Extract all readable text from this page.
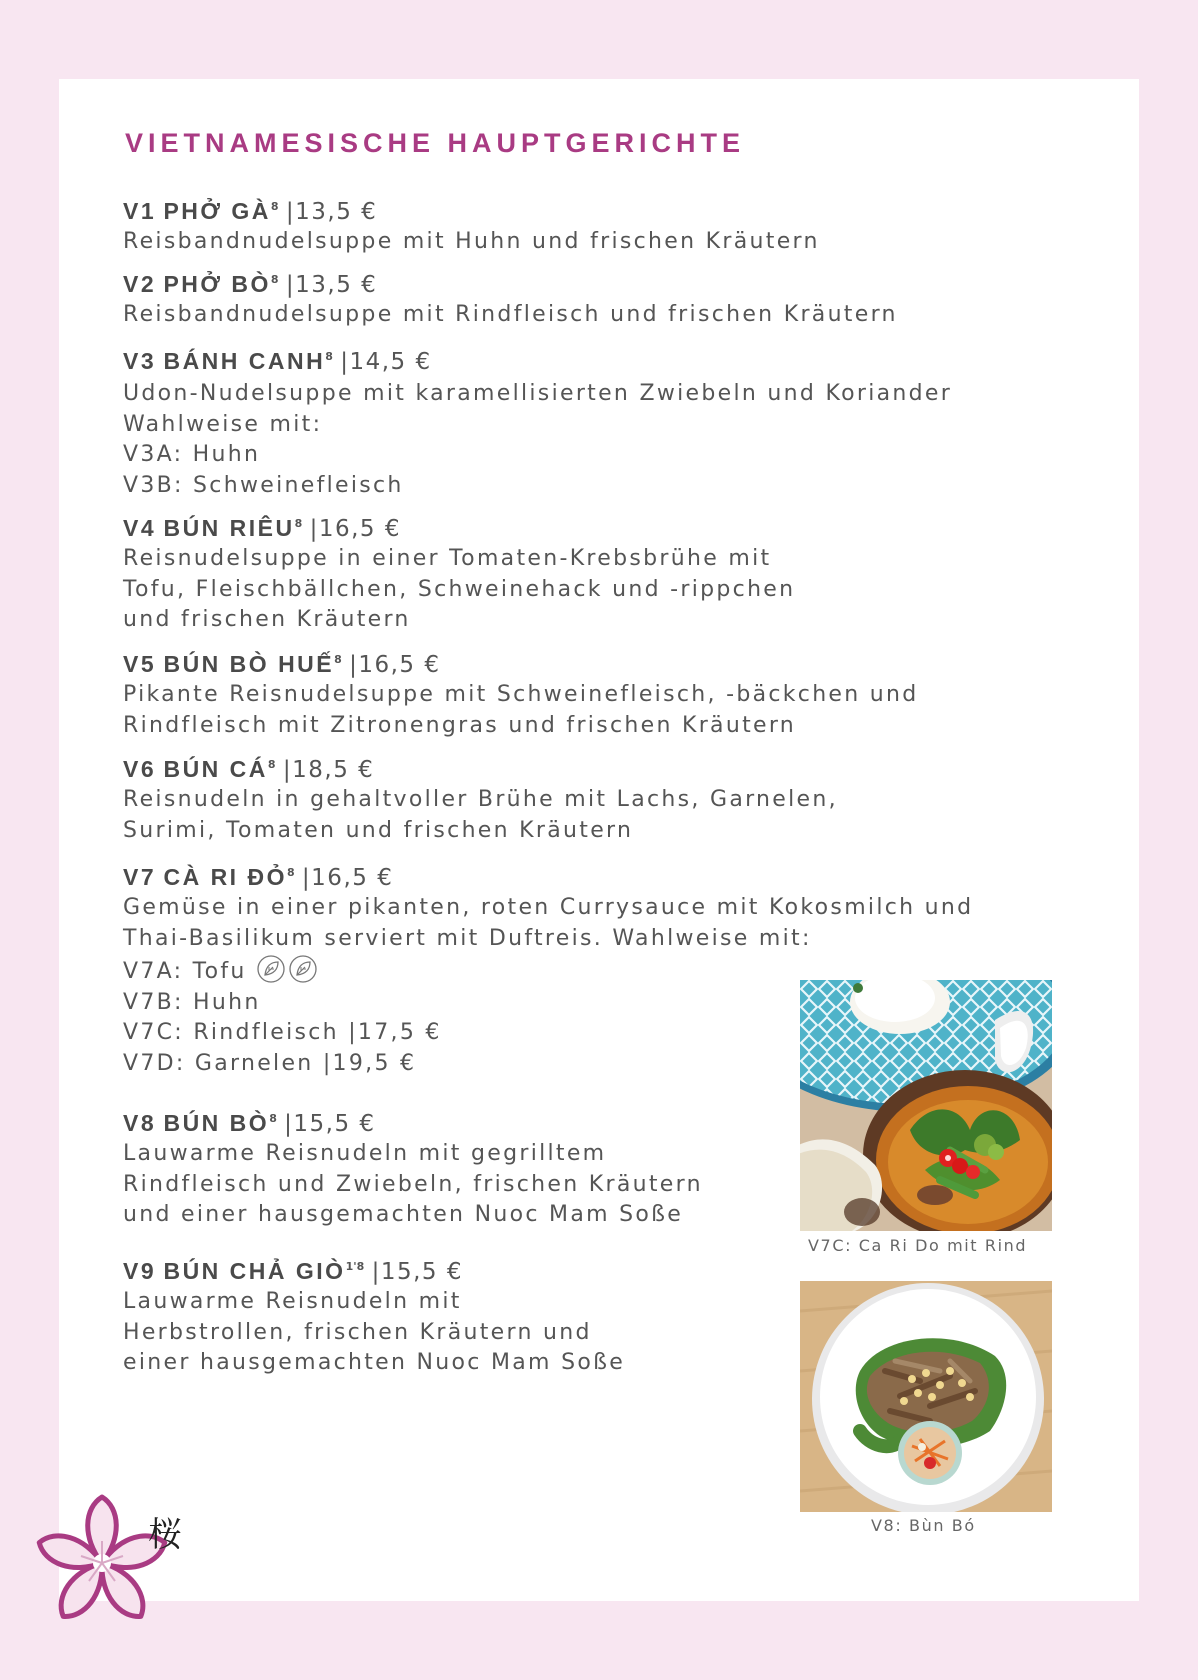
VIETNAMESISCHE HAUPTGERICHTE
V1 PHỞ $GÀ^8$ |13,5 €
Reisbandnudelsuppe mit Huhn und frischen Kräutern
V2 PHỞ $BÒ^8$ |13,5 €
Reisbandnudelsuppe mit Rindfleisch und frischen Kräutern
V3 BÁNH CANH$^8$ |14,5 €
Udon-Nudelsuppe mit karamellisierten Zwiebeln und Koriander
Wahlweise mit:
V3A: Huhn
V3B: Schweinefleisch
V4 BÚN RIÊU$^8$ |16,5 €
Reisnudelsuppe in einer Tomaten-Krebsbrühe mit
Tofu, Fleischbällchen, Schweinehack und -rippchen
und frischen Kräutern
V5 BÚN BÒ HUẾ$^8$ |16,5 €
Pikante Reisnudelsuppe mit Schweinefleisch, -bäckchen und
Rindfleisch mit Zitronengras und frischen Kräutern
V6 BÚN $CÁ^8$ |18,5 €
Reisnudeln in gehaltvoller Brühe mit Lachs, Garnelen,
Surimi, Tomaten und frischen Kräutern
V7 CÀ RI ĐỎ$^8$ |16,5 €
Gemüse in einer pikanten, roten Currysauce mit Kokosmilch und
Thai-Basilikum serviert mit Duftreis. Wahlweise mit:
V7A: Tofu
V7B: Huhn
V7C: Rindfleisch |17,5 €
V7D: Garnelen |19,5 €
V8 BÚN $BÒ^8$ |15,5 €
Lauwarme Reisnudeln mit gegrilltem
Rindfleisch und Zwiebeln, frischen Kräutern
und einer hausgemachten Nuoc Mam Soße
V9 BÚN CHẢ $GIÒ^{1'8}$ |15,5 €
Lauwarme Reisnudeln mit
Herbstrollen, frischen Kräutern und
einer hausgemachten Nuoc Mam Soße
V7C: Ca Ri Do mit Rind
V8: Bùn Bó
桜
